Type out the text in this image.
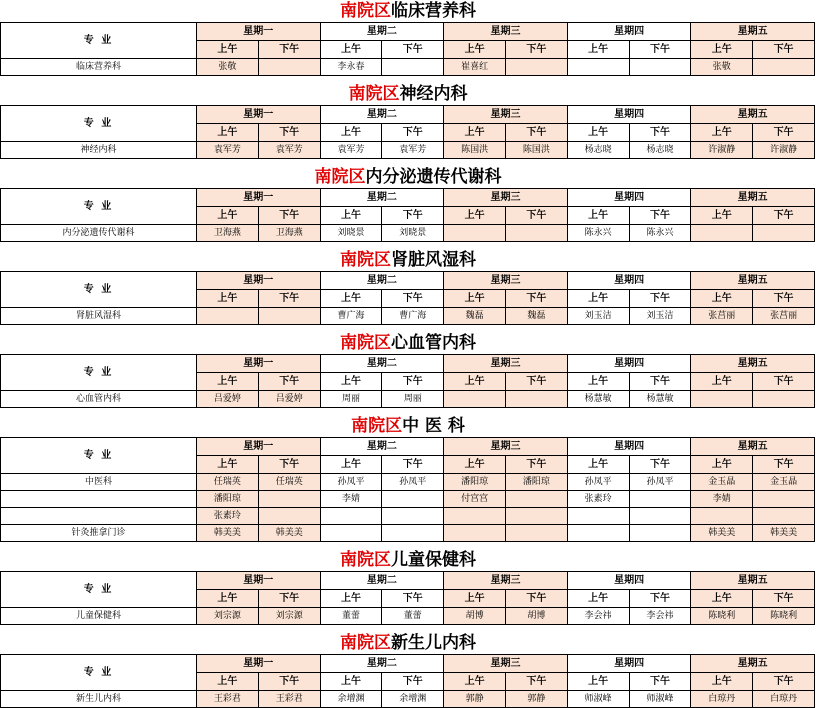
南院区临床营养科
专 业	星期一		星期二		星期三		星期四		星期五	
	上午	下午	上午	下午	上午	下午	上午	下午	上午	下午
临床营养科	张敬		李永春		崔喜红				张敬	
南院区神经内科
专 业	星期一		星期二		星期三		星期四		星期五	
	上午	下午	上午	下午	上午	下午	上午	下午	上午	下午
神经内科	袁军芳	袁军芳	袁军芳	袁军芳	陈国洪	陈国洪	杨志晓	杨志晓	许淑静	许淑静
南院区内分泌遗传代谢科
专 业	星期一		星期二		星期三		星期四		星期五	
	上午	下午	上午	下午	上午	下午	上午	下午	上午	下午
内分泌遗传代谢科	卫海燕	卫海燕	刘晓景	刘晓景			陈永兴	陈永兴		
南院区肾脏风湿科
专 业	星期一		星期二		星期三		星期四		星期五	
	上午	下午	上午	下午	上午	下午	上午	下午	上午	下午
肾脏风湿科			曹广海	曹广海	魏磊	魏磊	刘玉洁	刘玉洁	张莒丽	张莒丽
南院区心血管内科
专 业	星期一		星期二		星期三		星期四		星期五	
	上午	下午	上午	下午	上午	下午	上午	下午	上午	下午
心血管内科	吕爱婷	吕爱婷	周丽	周丽			杨慧敏	杨慧敏		
南院区中 医 科
专 业	星期一		星期二		星期三		星期四		星期五	
	上午	下午	上午	下午	上午	下午	上午	下午	上午	下午
中医科	任瑞英	任瑞英	孙凤平	孙凤平	潘阳琼	潘阳琼	孙凤平	孙凤平	金玉晶	金玉晶
	潘阳琼		李婧		付宫宫		张素玲		李婧	
	张素玲									
针灸推拿门诊	韩美美	韩美美							韩美美	韩美美
南院区儿童保健科
专 业	星期一		星期二		星期三		星期四		星期五	
	上午	下午	上午	下午	上午	下午	上午	下午	上午	下午
儿童保健科	刘宗源	刘宗源	董蕾	董蕾	胡博	胡博	李会祎	李会祎	陈晓利	陈晓利
南院区新生儿内科
专 业	星期一		星期二		星期三		星期四		星期五	
	上午	下午	上午	下午	上午	下午	上午	下午	上午	下午
新生儿内科	王彩君	王彩君	余增渊	余增渊	郭静	郭静	师淑峰	师淑峰	白琼丹	白琼丹
